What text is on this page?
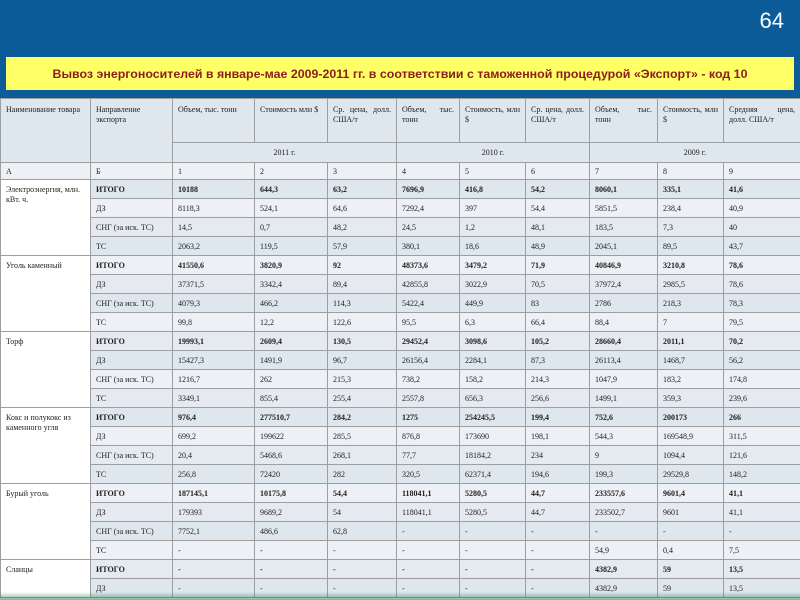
64
Вывоз энергоносителей в январе-мае 2009-2011 гг. в соответствии с таможенной процедурой «Экспорт» - код 10
Наименование товара	Направление экспорта	Объем, тыс. тонн	Стоимость млн $	Ср. цена, долл. США/т	Объем, тыс. тонн	Стоимость, млн $	Ср. цена, долл. США/т	Объем, тыс. тонн	Стоимость, млн $	Средняя цена, долл. США/т
		2011 г.			2010 г.			2009 г.		
А	Б	1	2	3	4	5	6	7	8	9
Электроэнергия, млн. кВт. ч.	ИТОГО	10188	644,3	63,2	7696,9	416,8	54,2	8060,1	335,1	41,6
	ДЗ	8118,3	524,1	64,6	7292,4	397	54,4	5851,5	238,4	40,9
	СНГ (за иск. ТС)	14,5	0,7	48,2	24,5	1,2	48,1	183,5	7,3	40
	ТС	2063,2	119,5	57,9	380,1	18,6	48,9	2045,1	89,5	43,7
Уголь каменный	ИТОГО	41550,6	3820,9	92	48373,6	3479,2	71,9	40846,9	3210,8	78,6
	ДЗ	37371,5	3342,4	89,4	42855,8	3022,9	70,5	37972,4	2985,5	78,6
	СНГ (за иск. ТС)	4079,3	466,2	114,3	5422,4	449,9	83	2786	218,3	78,3
	ТС	99,8	12,2	122,6	95,5	6,3	66,4	88,4	7	79,5
Торф	ИТОГО	19993,1	2609,4	130,5	29452,4	3098,6	105,2	28660,4	2011,1	70,2
	ДЗ	15427,3	1491,9	96,7	26156,4	2284,1	87,3	26113,4	1468,7	56,2
	СНГ (за иск. ТС)	1216,7	262	215,3	738,2	158,2	214,3	1047,9	183,2	174,8
	ТС	3349,1	855,4	255,4	2557,8	656,3	256,6	1499,1	359,3	239,6
Кокс и полукокс из каменного угля	ИТОГО	976,4	277510,7	284,2	1275	254245,5	199,4	752,6	200173	266
	ДЗ	699,2	199622	285,5	876,8	173690	198,1	544,3	169548,9	311,5
	СНГ (за иск. ТС)	20,4	5468,6	268,1	77,7	18184,2	234	9	1094,4	121,6
	ТС	256,8	72420	282	320,5	62371,4	194,6	199,3	29529,8	148,2
Бурый уголь	ИТОГО	187145,1	10175,8	54,4	118041,1	5280,5	44,7	233557,6	9601,4	41,1
	ДЗ	179393	9689,2	54	118041,1	5280,5	44,7	233502,7	9601	41,1
	СНГ (за иск. ТС)	7752,1	486,6	62,8	-	-	-	-	-	-
	ТС	-	-	-	-	-	-	54,9	0,4	7,5
Сланцы	ИТОГО	-	-	-	-	-	-	4382,9	59	13,5
	ДЗ	-	-	-	-	-	-	4382,9	59	13,5
